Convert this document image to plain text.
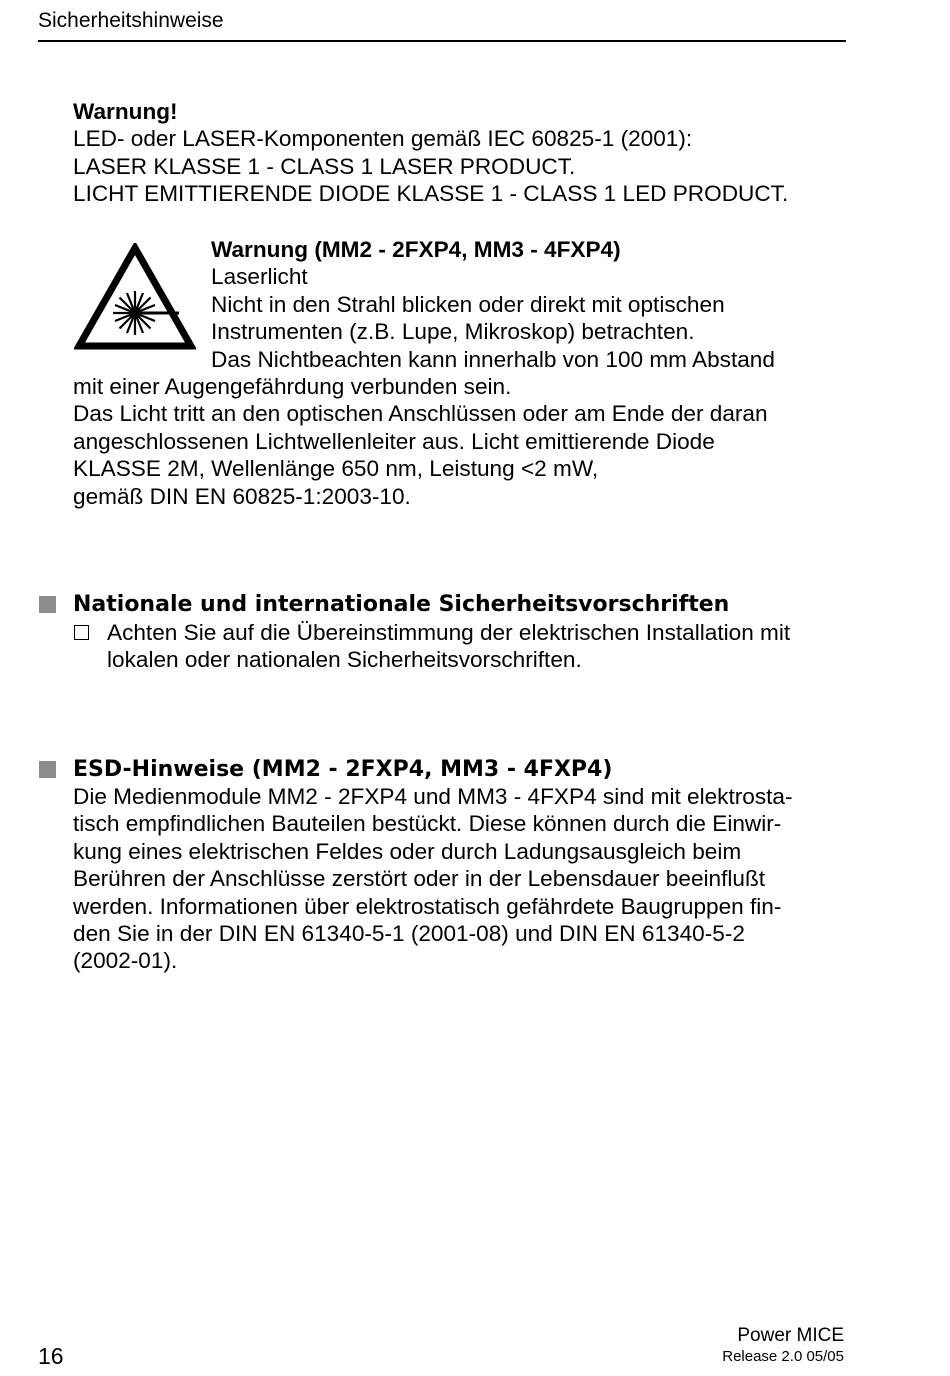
Sicherheitshinweise
Warnung!
LED- oder LASER-Komponenten gemäß IEC 60825-1 (2001):
LASER KLASSE 1 - CLASS 1 LASER PRODUCT.
LICHT EMITTIERENDE DIODE KLASSE 1 - CLASS 1 LED PRODUCT.
Warnung (MM2 - 2FXP4, MM3 - 4FXP4)
Laserlicht
Nicht in den Strahl blicken oder direkt mit optischen
Instrumenten (z.B. Lupe, Mikroskop) betrachten.
Das Nichtbeachten kann innerhalb von 100 mm Abstand
mit einer Augengefährdung verbunden sein.
Das Licht tritt an den optischen Anschlüssen oder am Ende der daran
angeschlossenen Lichtwellenleiter aus. Licht emittierende Diode
KLASSE 2M, Wellenlänge 650 nm, Leistung <2 mW,
gemäß DIN EN 60825-1:2003-10.
Nationale und internationale Sicherheitsvorschriften
Achten Sie auf die Übereinstimmung der elektrischen Installation mit
lokalen oder nationalen Sicherheitsvorschriften.
ESD-Hinweise (MM2 - 2FXP4, MM3 - 4FXP4)
Die Medienmodule MM2 - 2FXP4 und MM3 - 4FXP4 sind mit elektrosta-
tisch empfindlichen Bauteilen bestückt. Diese können durch die Einwir-
kung eines elektrischen Feldes oder durch Ladungsausgleich beim
Berühren der Anschlüsse zerstört oder in der Lebensdauer beeinflußt
werden. Informationen über elektrostatisch gefährdete Baugruppen fin-
den Sie in der DIN EN 61340-5-1 (2001-08) und DIN EN 61340-5-2
(2002-01).
16
Power MICE
Release 2.0 05/05
